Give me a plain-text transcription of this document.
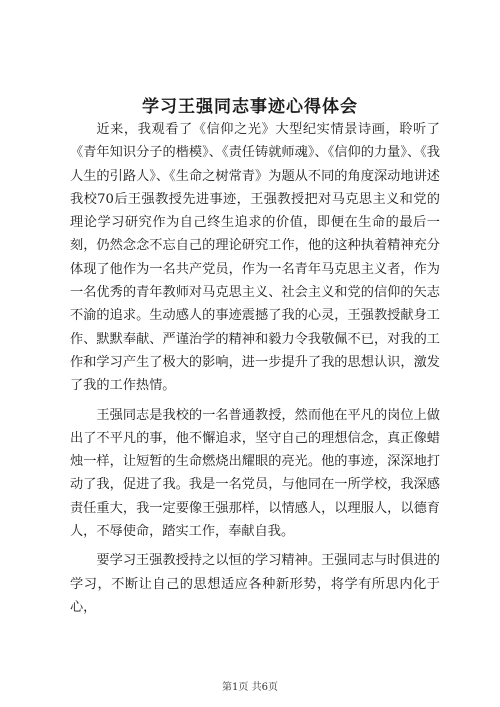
学习王强同志事迹心得体会

近来，我观看了《信仰之光》大型纪实情景诗画，聆听了《青年知识分子的楷模》、《责任铸就师魂》、《信仰的力量》、《我人生的引路人》、《生命之树常青》为题从不同的角度深动地讲述我校70后王强教授先进事迹，王强教授把对马克思主义和党的理论学习研究作为自己终生追求的价值，即便在生命的最后一刻，仍然念念不忘自己的理论研究工作，他的这种执着精神充分体现了他作为一名共产党员，作为一名青年马克思主义者，作为一名优秀的青年教师对马克思主义、社会主义和党的信仰的矢志不渝的追求。生动感人的事迹震撼了我的心灵，王强教授献身工作、默默奉献、严谨治学的精神和毅力令我敬佩不已，对我的工作和学习产生了极大的影响，进一步提升了我的思想认识，激发了我的工作热情。

王强同志是我校的一名普通教授，然而他在平凡的岗位上做出了不平凡的事，他不懈追求，坚守自己的理想信念，真正像蜡烛一样，让短暂的生命燃烧出耀眼的亮光。他的事迹，深深地打动了我，促进了我。我是一名党员，与他同在一所学校，我深感责任重大，我一定要像王强那样，以情感人，以理服人，以德育人，不辱使命，踏实工作，奉献自我。

要学习王强教授持之以恒的学习精神。王强同志与时俱进的学习，不断让自己的思想适应各种新形势，将学有所思内化于心，

第1页 共6页
